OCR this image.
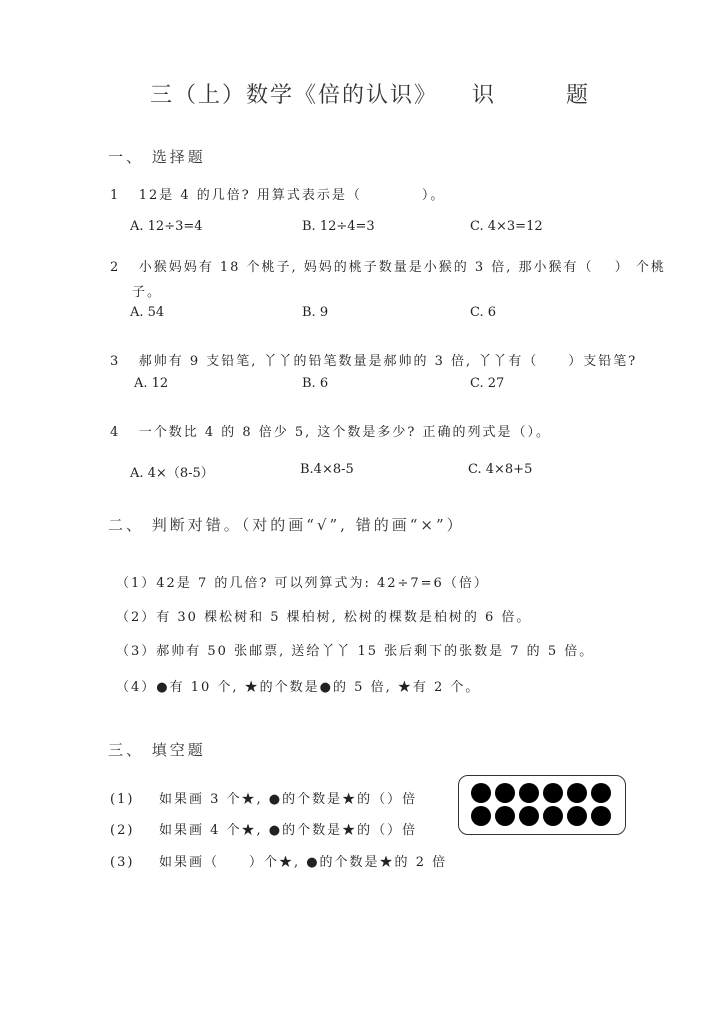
三（上）数学《倍的认识》 识	题
一、 选择题
1 12是 4 的几倍? 用算式表示是（　　　　）。
A. 12÷3=4	B. 12÷4=3	C. 4×3=12
2 小猴妈妈有 18 个桃子, 妈妈的桃子数量是小猴的 3 倍, 那小猴有（　 ） 个桃
子。
A. 54	B. 9	C. 6
3 郝帅有 9 支铅笔, 丫丫的铅笔数量是郝帅的 3 倍, 丫丫有（　　）支铅笔?
A. 12	B. 6	C. 27
4 一个数比 4 的 8 倍少 5, 这个数是多少? 正确的列式是（）。
A. 4×（8-5）	B.4×8-5	C. 4×8+5
二、 判断对错。（对的画“√”, 错的画“×”）
（1）42是 7 的几倍? 可以列算式为: 42÷7=6（倍）
（2）有 30 棵松树和 5 棵柏树, 松树的棵数是柏树的 6 倍。
（3）郝帅有 50 张邮票, 送给丫丫 15 张后剩下的张数是 7 的 5 倍。
（4）●有 10 个, ★的个数是●的 5 倍, ★有 2 个。
三、 填空题
(1) 如果画 3 个★, ●的个数是★的（）倍
(2) 如果画 4 个★, ●的个数是★的（）倍
(3) 如果画（　　）个★, ●的个数是★的 2 倍
